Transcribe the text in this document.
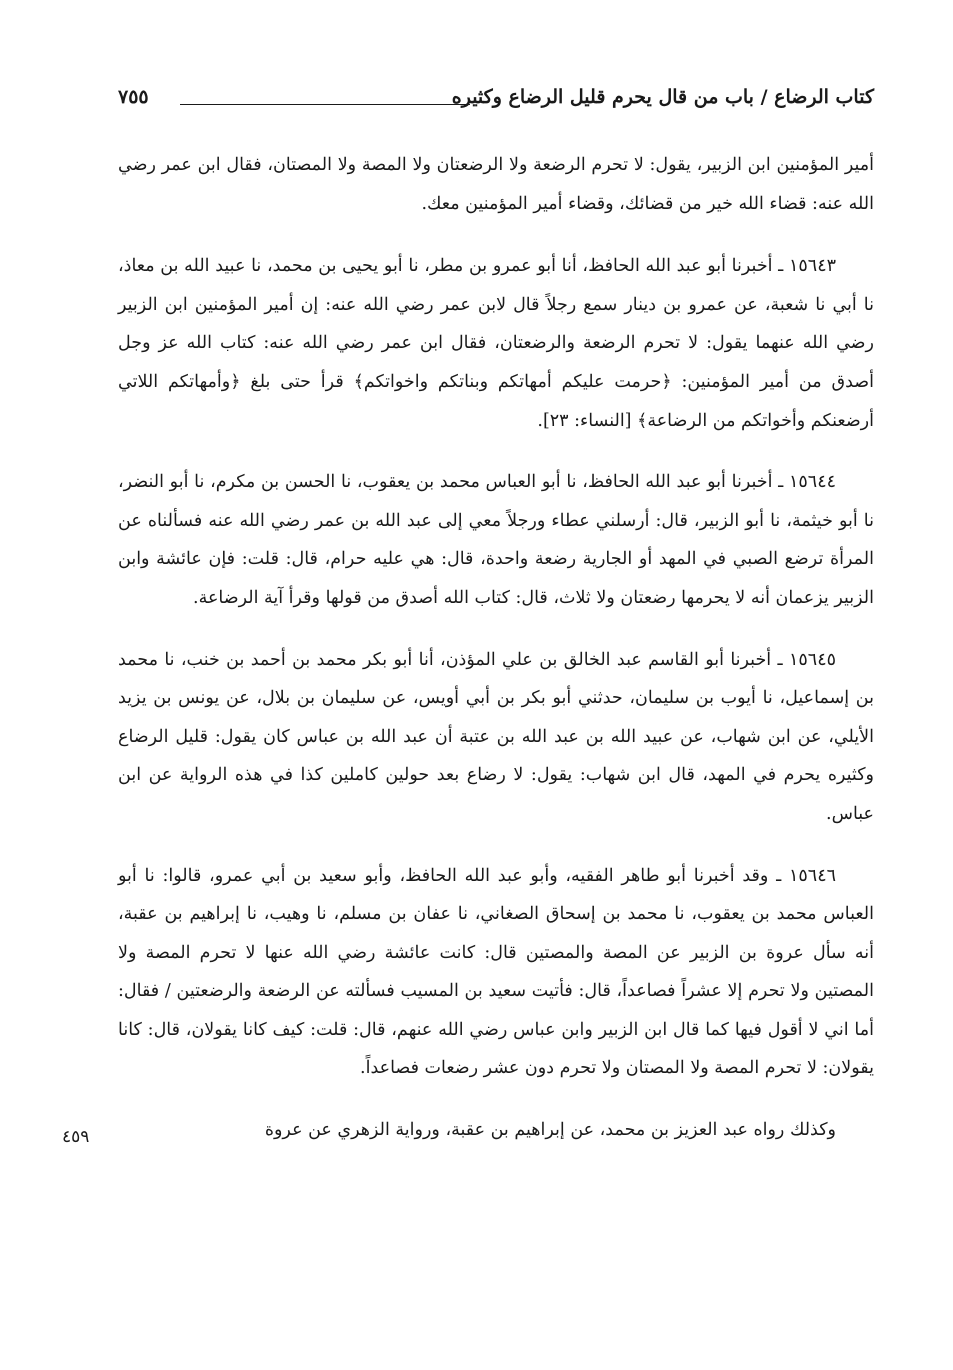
كتاب الرضاع / باب من قال يحرم قليل الرضاع وكثيره
٧٥٥

أمير المؤمنين ابن الزبير، يقول: لا تحرم الرضعة ولا الرضعتان ولا المصة ولا المصتان، فقال ابن عمر رضي الله عنه: قضاء الله خير من قضائك، وقضاء أمير المؤمنين معك.

١٥٦٤٣ ـ أخبرنا أبو عبد الله الحافظ، أنا أبو عمرو بن مطر، نا أبو يحيى بن محمد، نا عبيد الله بن معاذ، نا أبي نا شعبة، عن عمرو بن دينار سمع رجلاً قال لابن عمر رضي الله عنه: إن أمير المؤمنين ابن الزبير رضي الله عنهما يقول: لا تحرم الرضعة والرضعتان، فقال ابن عمر رضي الله عنه: كتاب الله عز وجل أصدق من أمير المؤمنين: ﴿حرمت عليكم أمهاتكم وبناتكم واخواتكم﴾ قرأ حتى بلغ ﴿وأمهاتكم اللاتي أرضعنكم وأخواتكم من الرضاعة﴾ [النساء: ٢٣].

١٥٦٤٤ ـ أخبرنا أبو عبد الله الحافظ، نا أبو العباس محمد بن يعقوب، نا الحسن بن مكرم، نا أبو النضر، نا أبو خيثمة، نا أبو الزبير، قال: أرسلني عطاء ورجلاً معي إلى عبد الله بن عمر رضي الله عنه فسألناه عن المرأة ترضع الصبي في المهد أو الجارية رضعة واحدة، قال: هي عليه حرام، قال: قلت: فإن عائشة وابن الزبير يزعمان أنه لا يحرمها رضعتان ولا ثلاث، قال: كتاب الله أصدق من قولها وقرأ آية الرضاعة.

١٥٦٤٥ ـ أخبرنا أبو القاسم عبد الخالق بن علي المؤذن، أنا أبو بكر محمد بن أحمد بن خنب، نا محمد بن إسماعيل، نا أيوب بن سليمان، حدثني أبو بكر بن أبي أويس، عن سليمان بن بلال، عن يونس بن يزيد الأيلي، عن ابن شهاب، عن عبيد الله بن عبد الله بن عتبة أن عبد الله بن عباس كان يقول: قليل الرضاع وكثيره يحرم في المهد، قال ابن شهاب: يقول: لا رضاع بعد حولين كاملين كذا في هذه الرواية عن ابن عباس.

١٥٦٤٦ ـ وقد أخبرنا أبو طاهر الفقيه، وأبو عبد الله الحافظ، وأبو سعيد بن أبي عمرو، قالوا: نا أبو العباس محمد بن يعقوب، نا محمد بن إسحاق الصغاني، نا عفان بن مسلم، نا وهيب، نا إبراهيم بن عقبة، أنه سأل عروة بن الزبير عن المصة والمصتين قال: كانت عائشة رضي الله عنها لا تحرم المصة ولا المصتين ولا تحرم إلا عشراً فصاعداً، قال: فأتيت سعيد بن المسيب فسألته عن الرضعة والرضعتين / فقال: أما اني لا أقول فيها كما قال ابن الزبير وابن عباس رضي الله عنهم، قال: قلت: كيف كانا يقولان، قال: كانا يقولان: لا تحرم المصة ولا المصتان ولا تحرم دون عشر رضعات فصاعداً.

وكذلك رواه عبد العزيز بن محمد، عن إبراهيم بن عقبة، ورواية الزهري عن عروة

٤٥٩
